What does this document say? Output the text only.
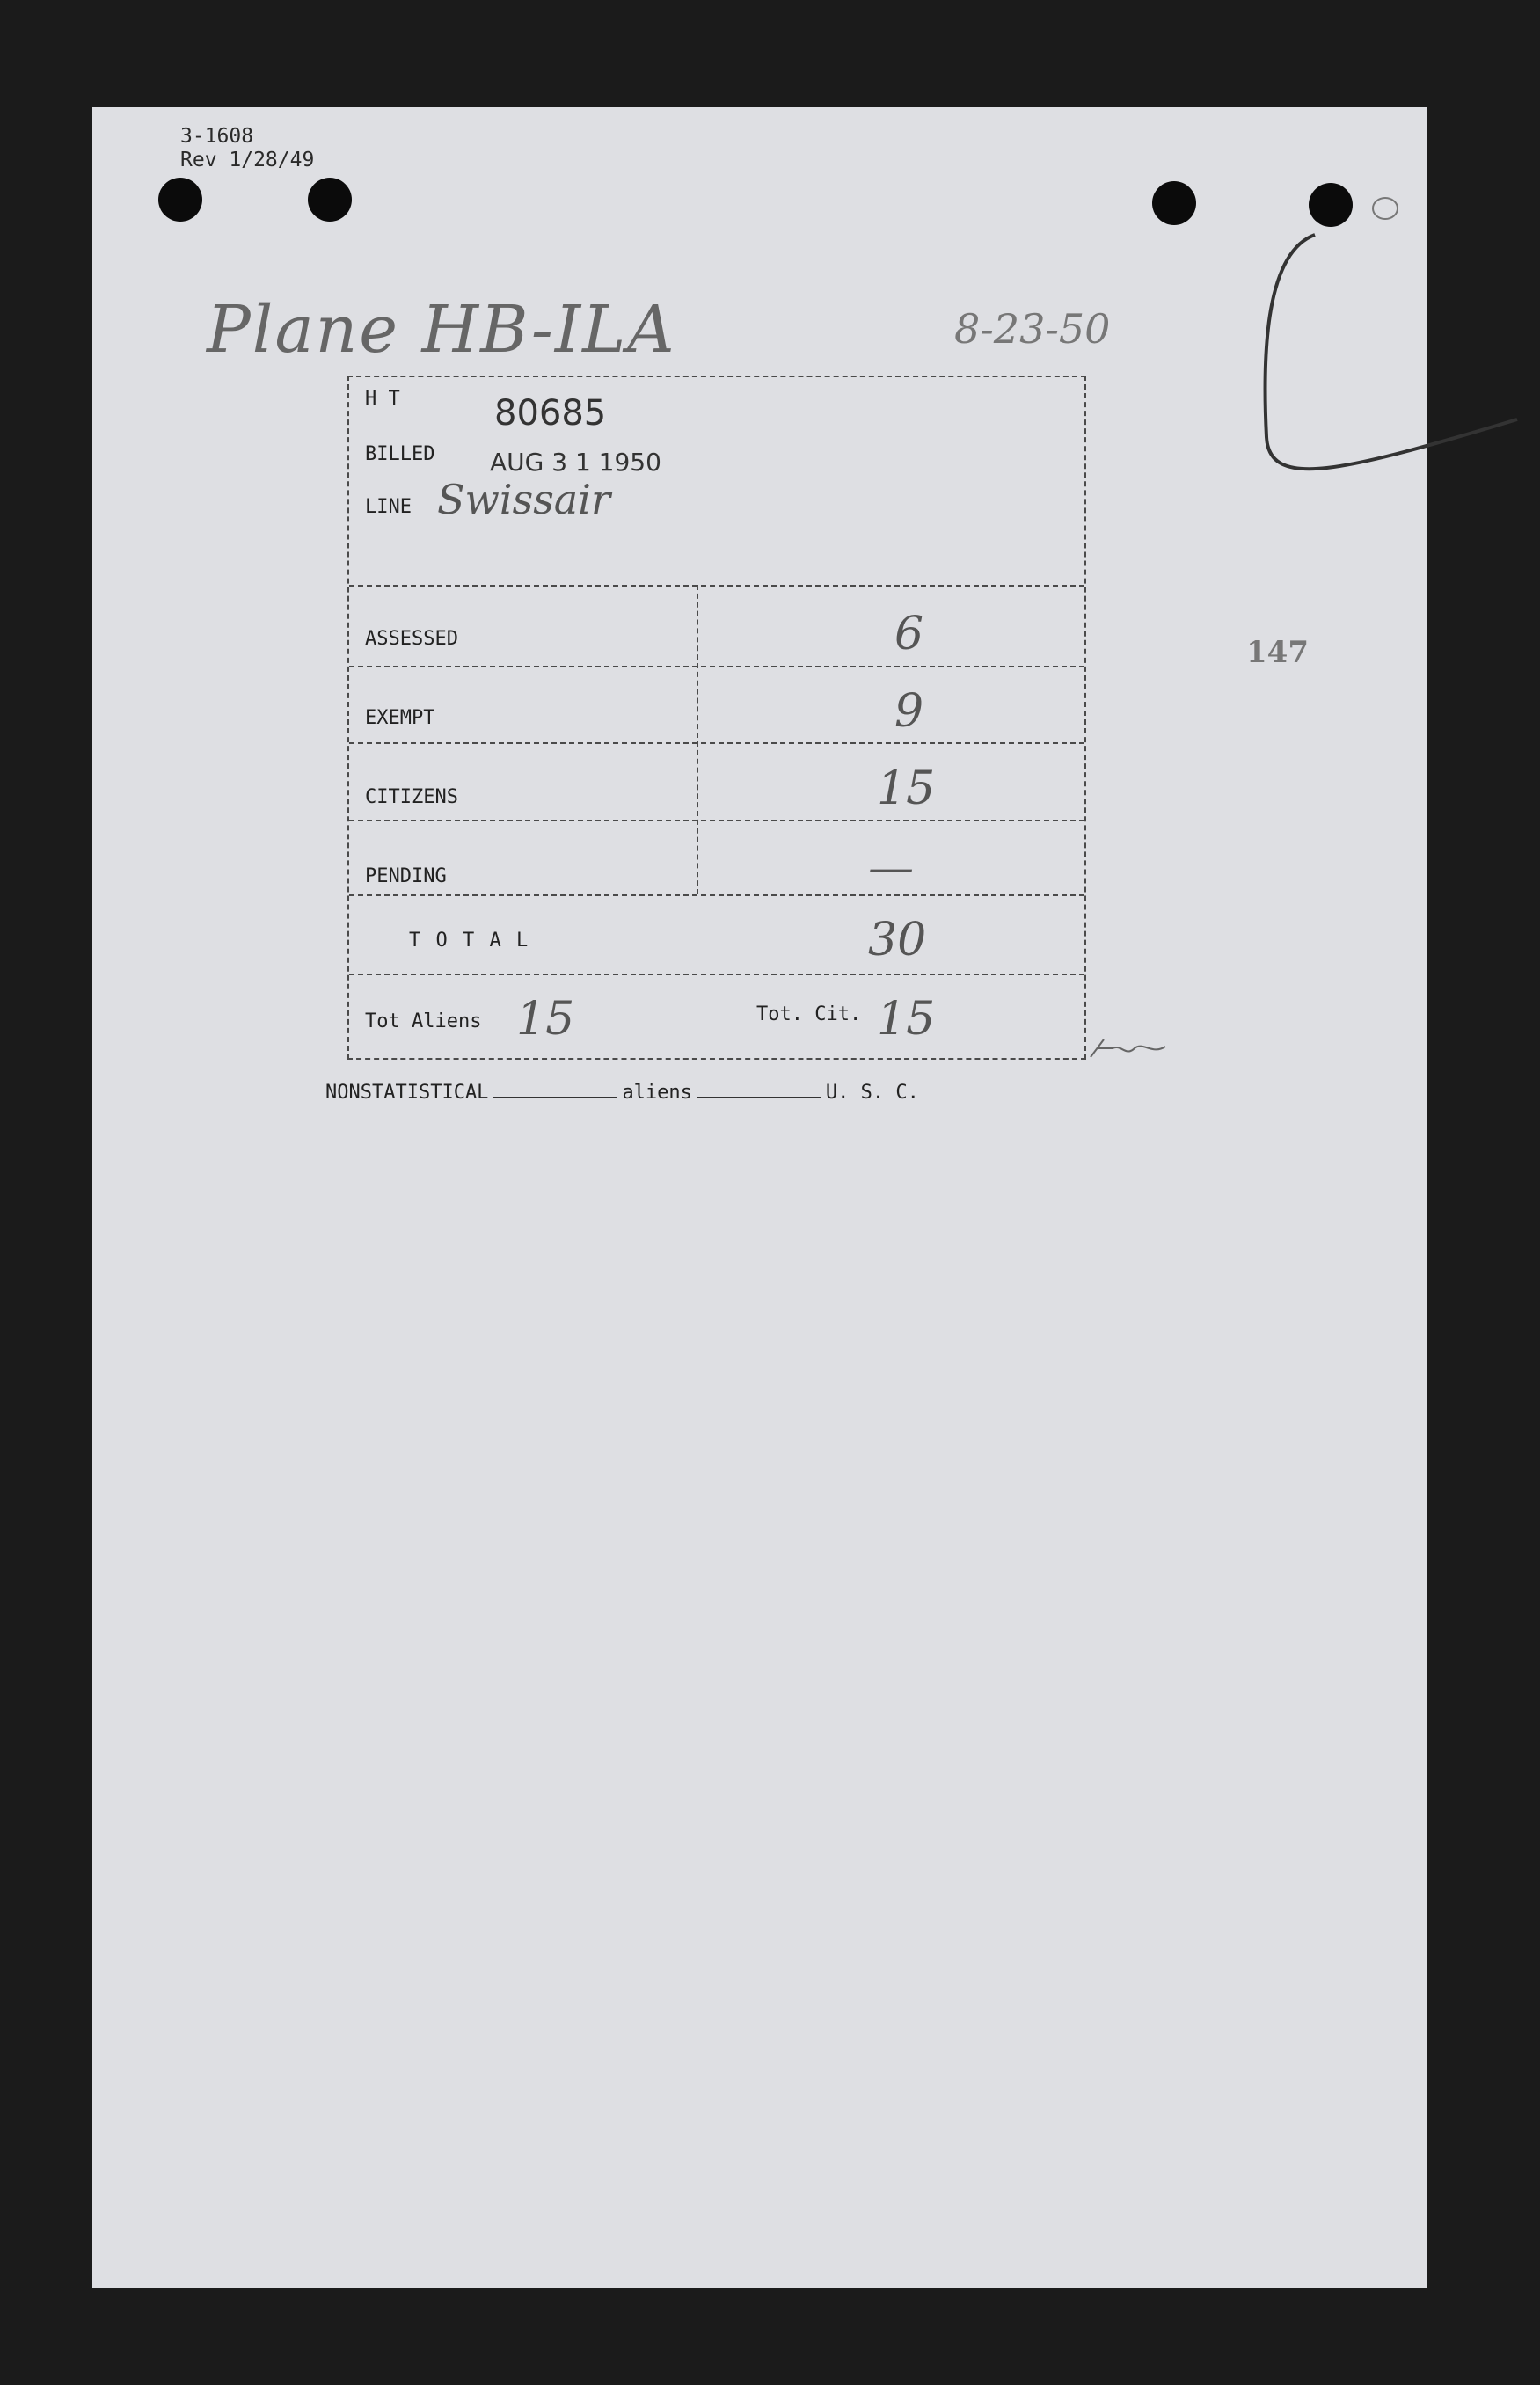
3-1608
Rev 1/28/49
Plane HB-ILA	8-23-50
147
H T	80685
BILLED AUG 3 1 1950
LINE Swissair
ASSESSED	6
EXEMPT	9
CITIZENS	15
PENDING	—
T O T A L	30
Tot Aliens 15	Tot. Cit. 15
NONSTATISTICAL	aliens	U. S. C.
